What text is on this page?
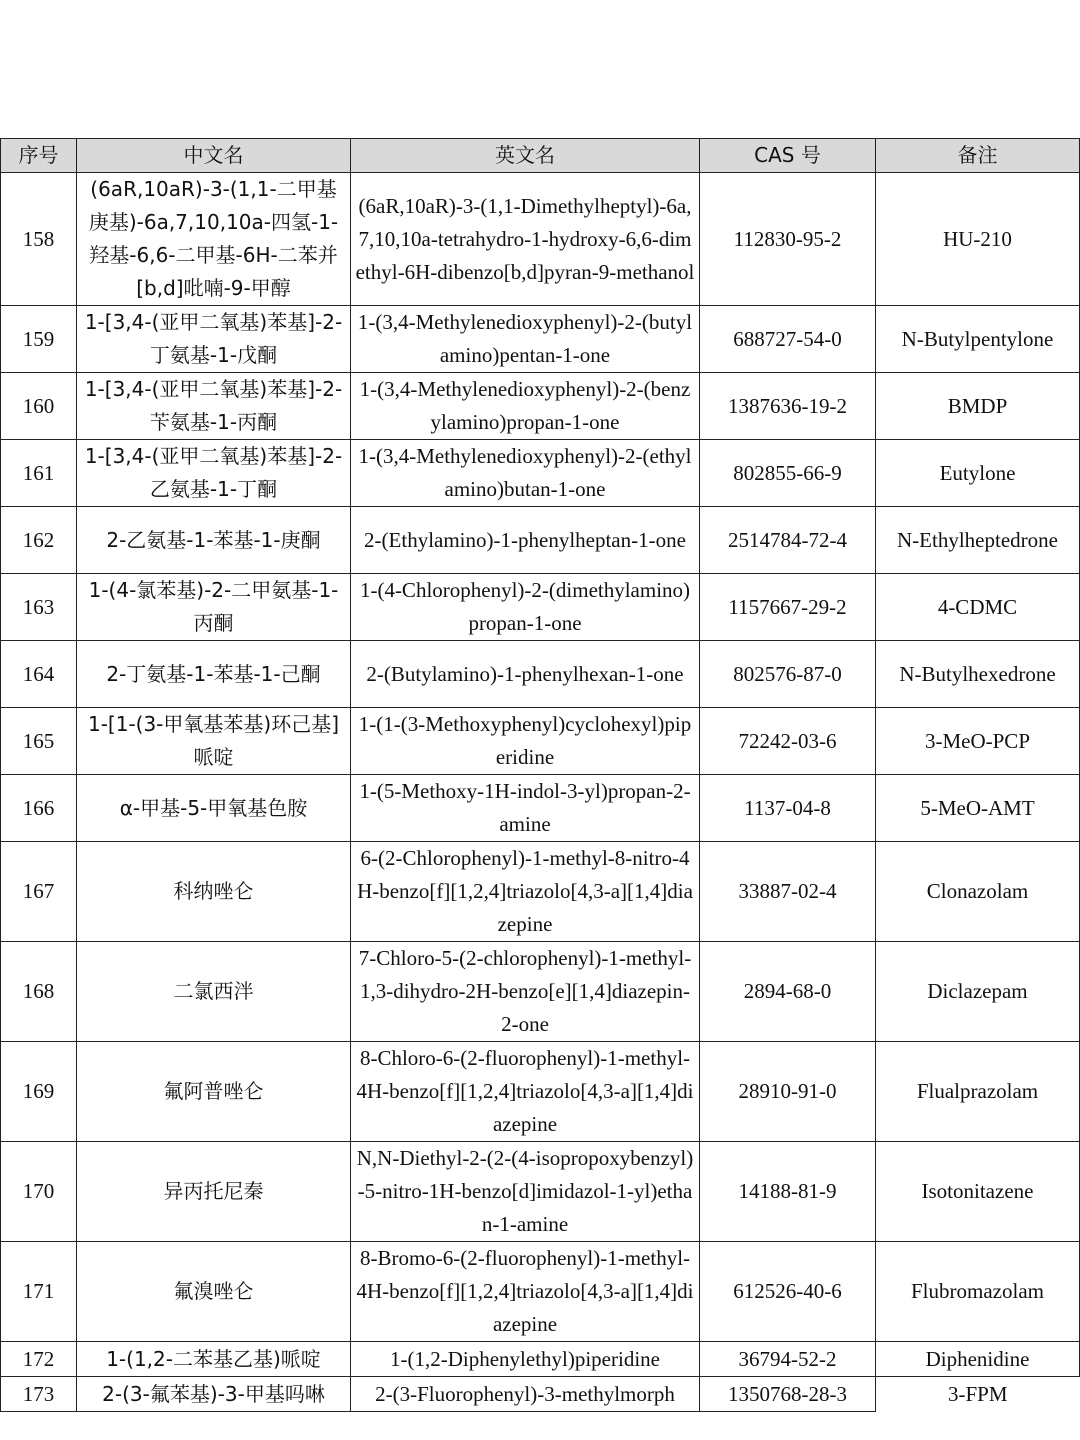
序号	中文名	英文名	CAS 号	备注
158	(6aR,10aR)-3-(1,1-二甲基庚基)-6a,7,10,10a-四氢-1-羟基-6,6-二甲基-6H-二苯并[b,d]吡喃-9-甲醇	(6aR,10aR)-3-(1,1-Dimethylheptyl)-6a,7,10,10a-tetrahydro-1-hydroxy-6,6-dimethyl-6H-dibenzo[b,d]pyran-9-methanol	112830-95-2	HU-210
159	1-[3,4-(亚甲二氧基)苯基]-2-丁氨基-1-戊酮	1-(3,4-Methylenedioxyphenyl)-2-(butylamino)pentan-1-one	688727-54-0	N-Butylpentylone
160	1-[3,4-(亚甲二氧基)苯基]-2-苄氨基-1-丙酮	1-(3,4-Methylenedioxyphenyl)-2-(benzylamino)propan-1-one	1387636-19-2	BMDP
161	1-[3,4-(亚甲二氧基)苯基]-2-乙氨基-1-丁酮	1-(3,4-Methylenedioxyphenyl)-2-(ethylamino)butan-1-one	802855-66-9	Eutylone
162	2-乙氨基-1-苯基-1-庚酮	2-(Ethylamino)-1-phenylheptan-1-one	2514784-72-4	N-Ethylheptedrone
163	1-(4-氯苯基)-2-二甲氨基-1-丙酮	1-(4-Chlorophenyl)-2-(dimethylamino)propan-1-one	1157667-29-2	4-CDMC
164	2-丁氨基-1-苯基-1-己酮	2-(Butylamino)-1-phenylhexan-1-one	802576-87-0	N-Butylhexedrone
165	1-[1-(3-甲氧基苯基)环己基]哌啶	1-(1-(3-Methoxyphenyl)cyclohexyl)piperidine	72242-03-6	3-MeO-PCP
166	α-甲基-5-甲氧基色胺	1-(5-Methoxy-1H-indol-3-yl)propan-2-amine	1137-04-8	5-MeO-AMT
167	科纳唑仑	6-(2-Chlorophenyl)-1-methyl-8-nitro-4H-benzo[f][1,2,4]triazolo[4,3-a][1,4]diazepine	33887-02-4	Clonazolam
168	二氯西泮	7-Chloro-5-(2-chlorophenyl)-1-methyl-1,3-dihydro-2H-benzo[e][1,4]diazepin-2-one	2894-68-0	Diclazepam
169	氟阿普唑仑	8-Chloro-6-(2-fluorophenyl)-1-methyl-4H-benzo[f][1,2,4]triazolo[4,3-a][1,4]diazepine	28910-91-0	Flualprazolam
170	异丙托尼秦	N,N-Diethyl-2-(2-(4-isopropoxybenzyl)-5-nitro-1H-benzo[d]imidazol-1-yl)ethan-1-amine	14188-81-9	Isotonitazene
171	氟溴唑仑	8-Bromo-6-(2-fluorophenyl)-1-methyl-4H-benzo[f][1,2,4]triazolo[4,3-a][1,4]diazepine	612526-40-6	Flubromazolam
172	1-(1,2-二苯基乙基)哌啶	1-(1,2-Diphenylethyl)piperidine	36794-52-2	Diphenidine
173	2-(3-氟苯基)-3-甲基吗啉	2-(3-Fluorophenyl)-3-methylmorph	1350768-28-3	3-FPM
